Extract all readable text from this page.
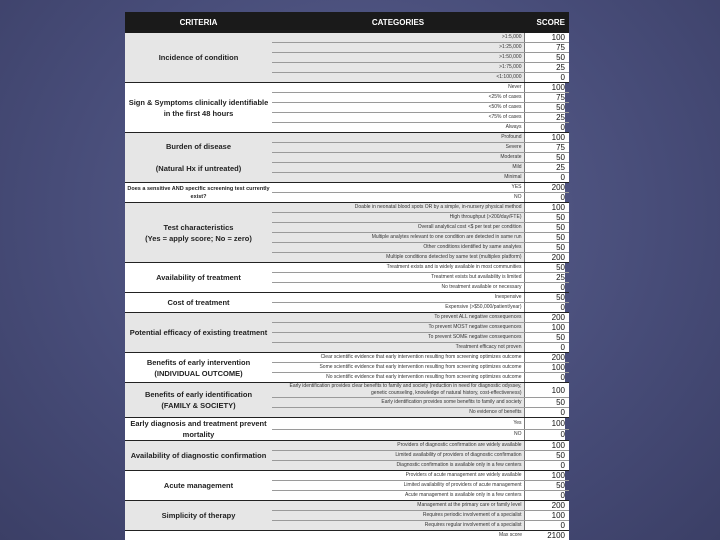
CRITERIA	CATEGORIES	SCORE
Incidence of condition	>1:5,000	100
	>1:25,000	75
	>1:50,000	50
	>1:75,000	25
	<1:100,000	0
Sign & Symptoms clinically identifiable in the first 48 hours	Never	100
	<25% of cases	75
	<50% of cases	50
	<75% of cases	25
	Always	0
Burden of disease

(Natural Hx if untreated)	Profound	100
	Severe	75
	Moderate	50
	Mild	25
	Minimal	0
Does a sensitive AND specific screening test currently exist?	YES	200
	NO	0
Test characteristics
(Yes = apply score; No = zero)	Doable in neonatal blood spots OR by a simple, in-nursery physical method	100
	High throughput (>200/day/FTE)	50
	Overall analytical cost <$ per test per condition	50
	Multiple analytes relevant to one condition are detected in same run	50
	Other conditions identified by same analytes	50
	Multiple conditions detected by same test (multiplex platform)	200
Availability of treatment	Treatment exists and is widely available in most communities	50
	Treatment exists but availability is limited	25
	No treatment available or necessary	0
Cost of treatment	Inexpensive	50
	Expensive (>$50,000/patient/year)	0
Potential efficacy of existing treatment	To prevent ALL negative consequences	200
	To prevent MOST negative consequences	100
	To prevent SOME negative consequences	50
	Treatment efficacy not proven	0
Benefits of early intervention
(INDIVIDUAL OUTCOME)	Clear scientific evidence that early intervention resulting from screening optimizes outcome	200
	Some scientific evidence that early intervention resulting from screening optimizes outcome	100
	No scientific evidence that early intervention resulting from screening optimizes outcome	0
Benefits of early identification
(FAMILY & SOCIETY)	Early identification provides clear benefits to family and society (reduction in need for diagnostic odyssey, genetic counseling, knowledge of natural history, cost-effectiveness)	100
	Early identification provides some benefits to family and society	50
	No evidence of benefits	0
Early diagnosis and treatment prevent mortality	Yes	100
	NO	0
Availability of diagnostic confirmation	Providers of diagnostic confirmation are widely available	100
	Limited availability of providers of diagnostic confirmation	50
	Diagnostic confirmation is available only in a few centers	0
Acute management	Providers of acute management are widely available	100
	Limited availability of providers of acute management	50
	Acute management is available only in a few centers	0
Simplicity of therapy	Management at the primary care or family level	200
	Requires periodic involvement of a specialist	100
	Requires regular involvement of a specialist	0
	Max score	2100
